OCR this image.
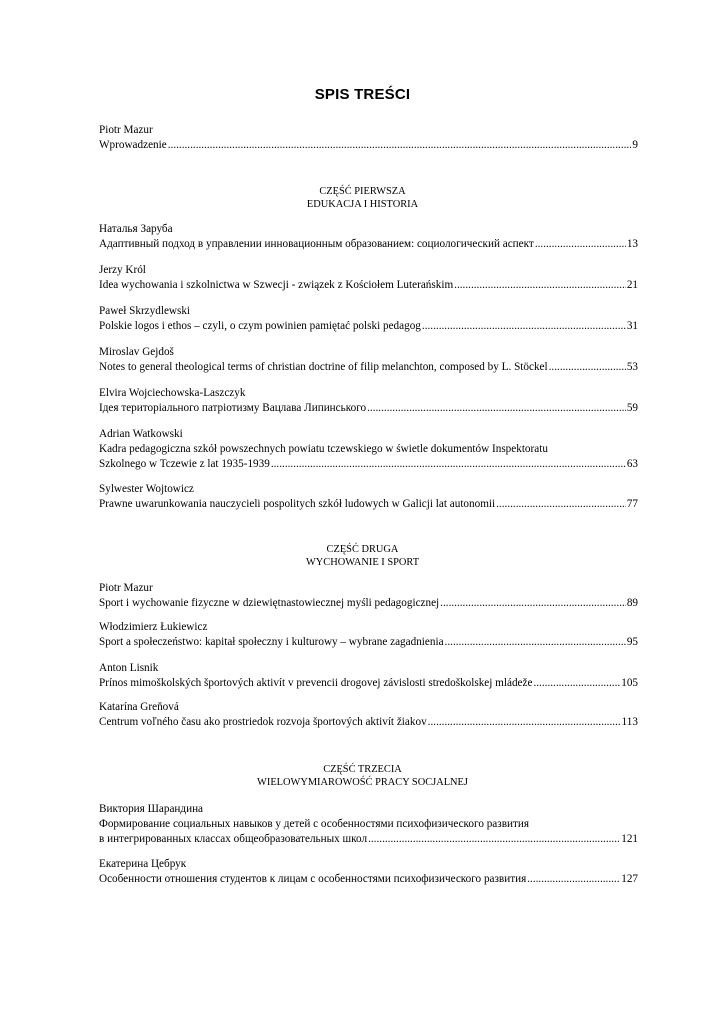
SPIS TREŚCI
Piotr Mazur
Wprowadzenie .....	9
CZĘŚĆ PIERWSZA
EDUKACJA I HISTORIA
Наталья Заруба
Адаптивный подход в управлении инновационным образованием: социологический аспект .....	13
Jerzy Król
Idea wychowania i szkolnictwa w Szwecji - związek z Kościołem Luterańskim .....	21
Paweł Skrzydlewski
Polskie logos i ethos – czyli, o czym powinien pamiętać polski pedagog .....	31
Miroslav Gejdoš
Notes to general theological terms of christian doctrine of filip melanchton, composed by L. Stöckel .....	53
Elvira Wojciechowska-Laszczyk
Ідея територіального патріотизму Вацлава Липинського .....	59
Adrian Watkowski
Kadra pedagogiczna szkół powszechnych powiatu tczewskiego w świetle dokumentów Inspektoratu
Szkolnego w Tczewie z lat 1935-1939 .....	63
Sylwester Wojtowicz
Prawne uwarunkowania nauczycieli pospolitych szkół ludowych w Galicji lat autonomii .....	77
CZĘŚĆ DRUGA
WYCHOWANIE I SPORT
Piotr Mazur
Sport i wychowanie fizyczne w dziewiętnastowiecznej myśli pedagogicznej .....	89
Włodzimierz Łukiewicz
Sport a społeczeństwo: kapitał społeczny i kulturowy – wybrane zagadnienia .....	95
Anton Lisnik
Prínos mimoškolských športových aktivít v prevencii drogovej závislosti stredoškolskej mládeže .....	105
Katarína Greňová
Centrum voľného času ako prostriedok rozvoja športových aktivít žiakov .....	113
CZĘŚĆ TRZECIA
WIELOWYMIAROWOŚĆ PRACY SOCJALNEJ
Виктория Шарандина
Формирование социальных навыков у детей с особенностями психофизического развития
в интегрированных классах общеобразовательных школ .....	121
Екатерина Цебрук
Особенности отношения студентов к лицам с особенностями психофизического развития .....	127
